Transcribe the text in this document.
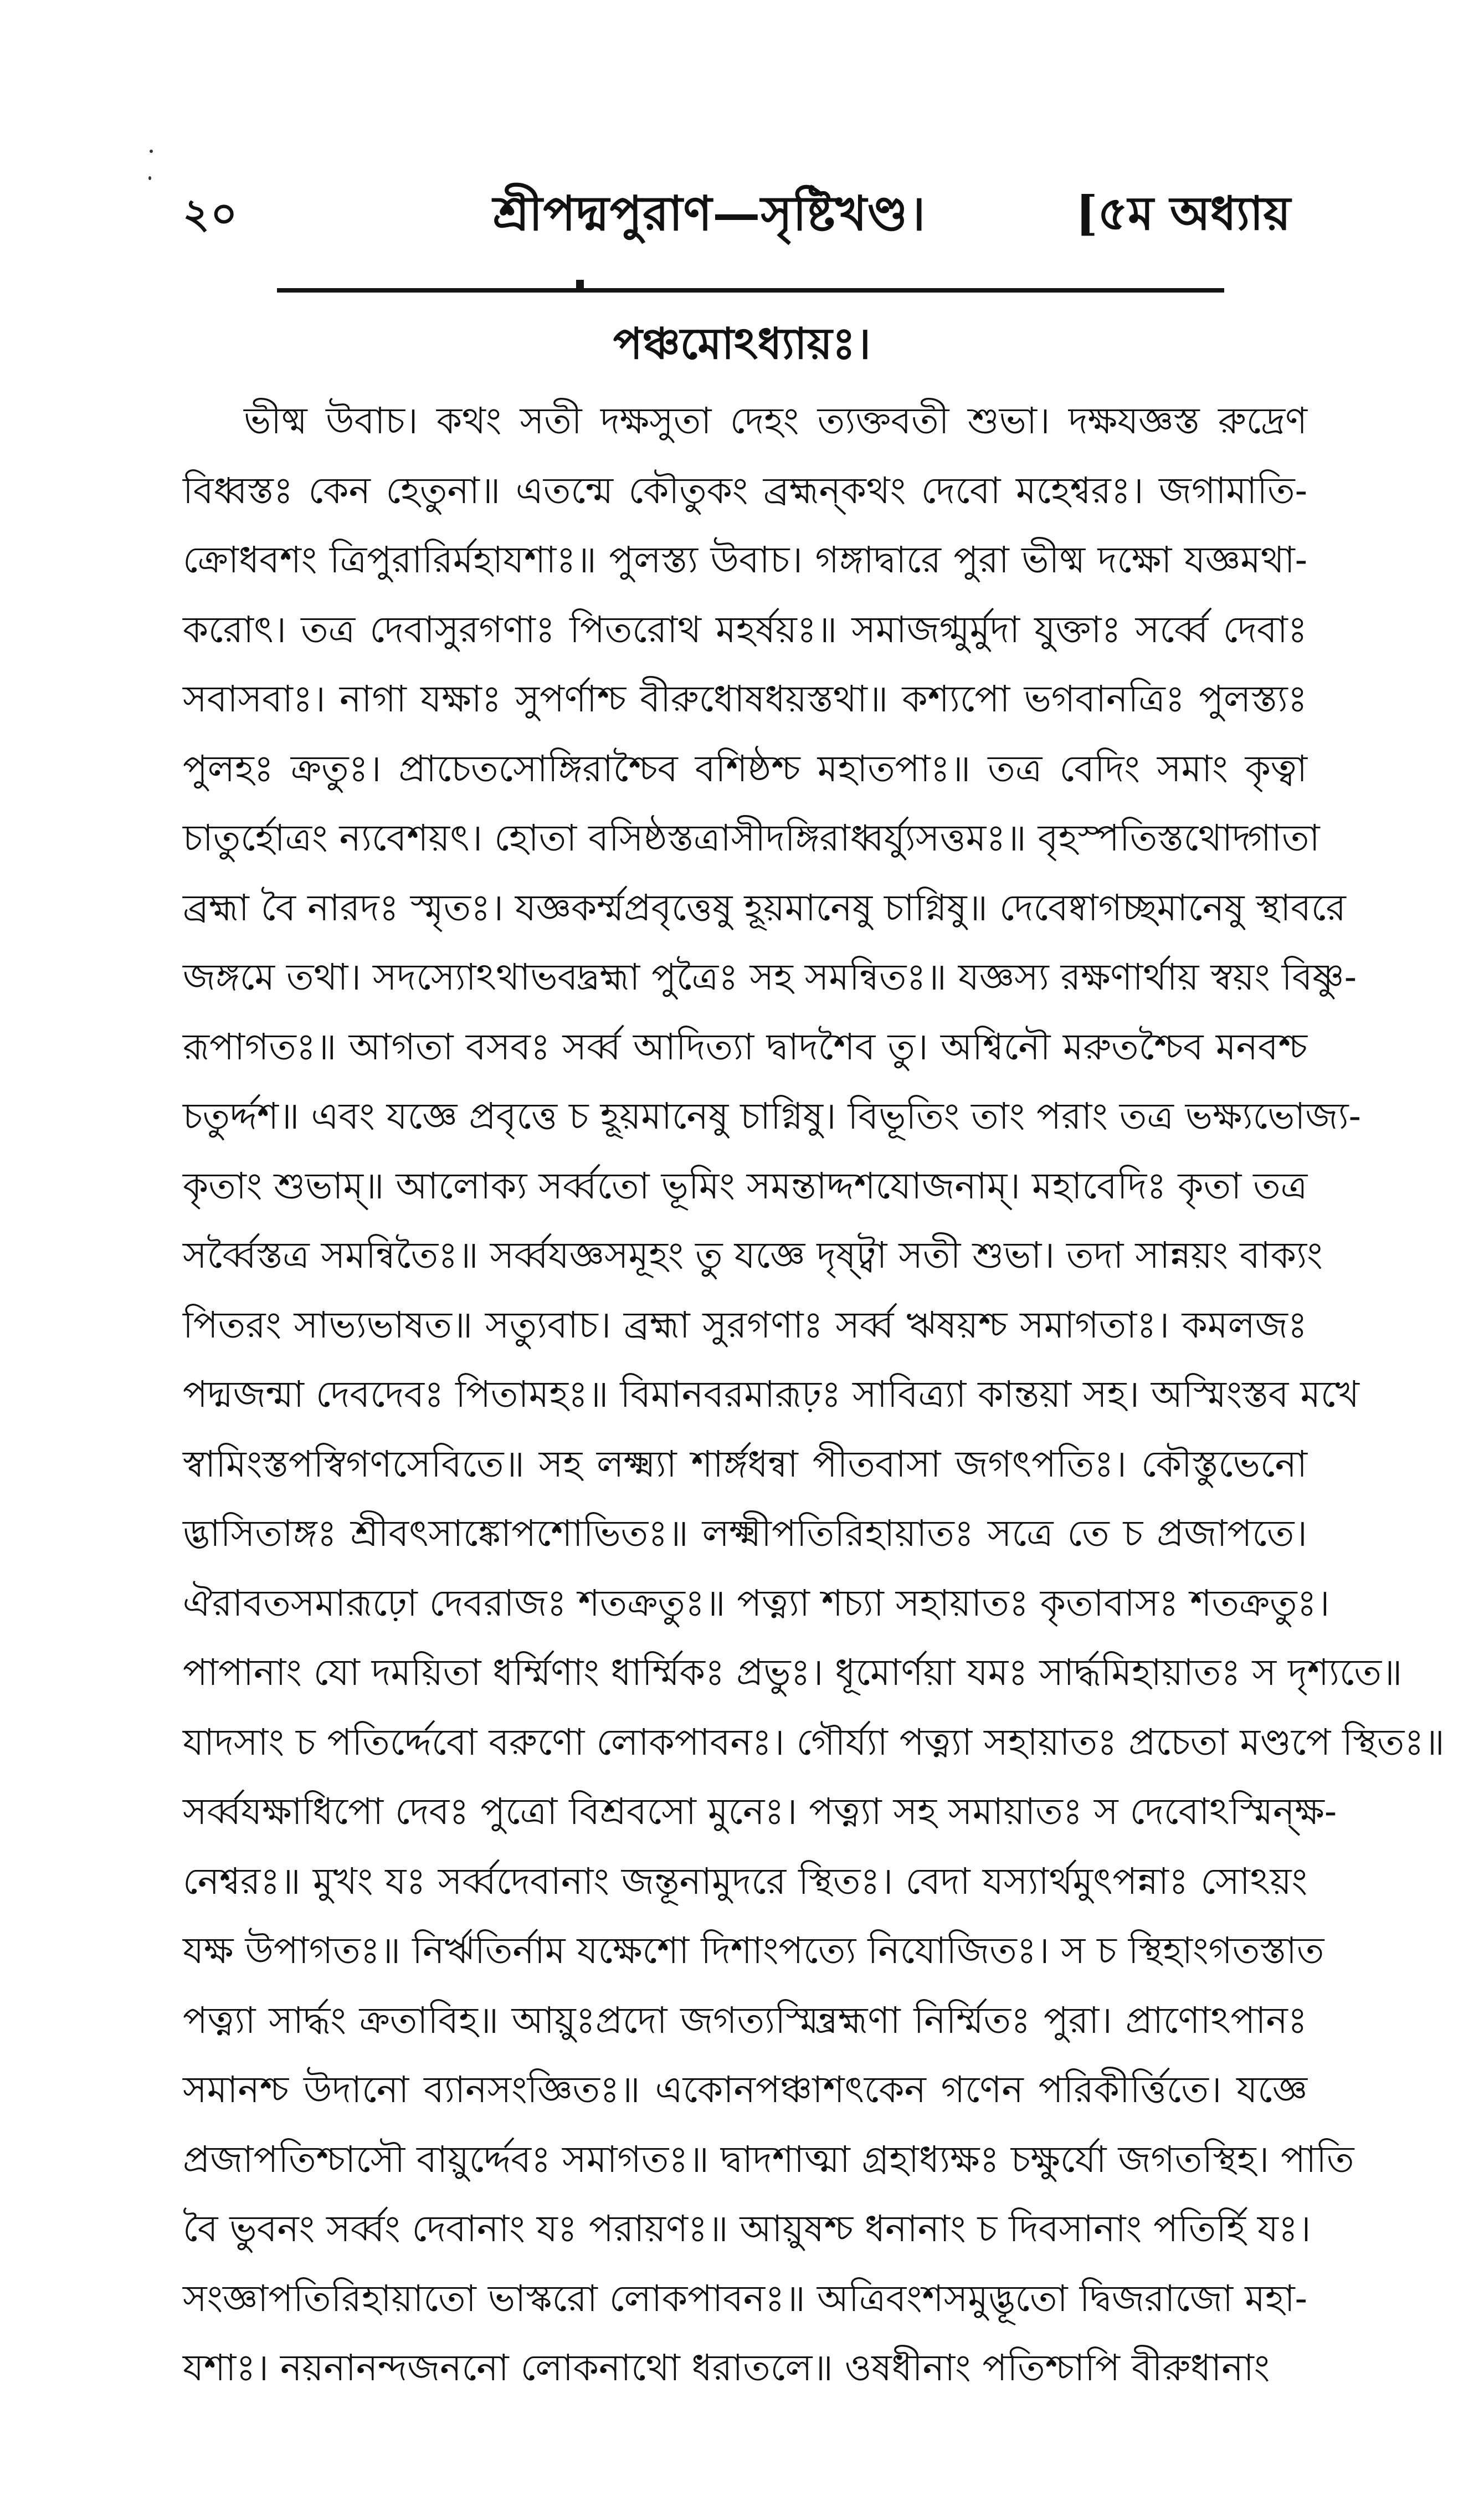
২০	শ্রীপদ্মপুরাণ—সৃষ্টিখণ্ড।	[৫ম অধ্যায়
পঞ্চমোঽধ্যায়ঃ।
ভীষ্ম উবাচ। কথং সতী দক্ষসুতা দেহং ত্যক্তবতী শুভা। দক্ষযজ্ঞস্ত রুদ্রেণ
বিধ্বস্তঃ কেন হেতুনা॥ এতন্মে কৌতুকং ব্রহ্মন্কথং দেবো মহেশ্বরঃ। জগামাতি-
ক্রোধবশং ত্রিপুরারির্মহাযশাঃ॥ পুলস্ত্য উবাচ। গঙ্গাদ্বারে পুরা ভীষ্ম দক্ষো যজ্ঞমথা-
করোৎ। তত্র দেবাসুরগণাঃ পিতরোথ মহর্ষয়ঃ॥ সমাজগ্মুর্মুদা যুক্তাঃ সর্ব্বে দেবাঃ
সবাসবাঃ। নাগা যক্ষাঃ সুপর্ণাশ্চ বীরুধোষধয়স্তথা॥ কশ্যপো ভগবানত্রিঃ পুলস্ত্যঃ
পুলহঃ ক্রতুঃ। প্রাচেতসোঙ্গিরাশ্চৈব বশিষ্ঠশ্চ মহাতপাঃ॥ তত্র বেদিং সমাং কৃত্বা
চাতুর্হোত্রং ন্যবেশয়ৎ। হোতা বসিষ্ঠস্তত্রাসীদঙ্গিরাধ্বর্য্যুসত্তমঃ॥ বৃহস্পতিস্তথোদ্গাতা
ব্রহ্মা বৈ নারদঃ স্মৃতঃ। যজ্ঞকর্ম্মপ্রবৃত্তেষু হূয়মানেষু চাগ্নিষু॥ দেবেষ্বাগচ্ছমানেষু স্থাবরে
জঙ্গমে তথা। সদস্যোঽথাভবদ্ব্রহ্মা পুত্রৈঃ সহ সমন্বিতঃ॥ যজ্ঞস্য রক্ষণার্থায় স্বয়ং বিষ্ণু-
রূপাগতঃ॥ আগতা বসবঃ সর্ব্ব আদিত্যা দ্বাদশৈব তু। অশ্বিনৌ মরুতশ্চৈব মনবশ্চ
চতুর্দ্দশ॥ এবং যজ্ঞে প্রবৃত্তে চ হূয়মানেষু চাগ্নিষু। বিভূতিং তাং পরাং তত্র ভক্ষ্যভোজ্য-
কৃতাং শুভাম্॥ আলোক্য সর্ব্বতো ভূমিং সমন্তাদ্দশযোজনাম্। মহাবেদিঃ কৃতা তত্র
সর্ব্বৈস্তত্র সমন্বিতৈঃ॥ সর্ব্বযজ্ঞসমূহং তু যজ্ঞে দৃষ্ট্বা সতী শুভা। তদা সান্নয়ং বাক্যং
পিতরং সাভ্যভাষত॥ সত্যুবাচ। ব্রহ্মা সুরগণাঃ সর্ব্ব ঋষয়শ্চ সমাগতাঃ। কমলজঃ
পদ্মজন্মা দেবদেবঃ পিতামহঃ॥ বিমানবরমারূঢ়ঃ সাবিত্র্যা কান্তয়া সহ। অস্মিংস্তব মখে
স্বামিংস্তপস্বিগণসেবিতে॥ সহ লক্ষ্ম্যা শার্ঙ্গধন্বা পীতবাসা জগৎপতিঃ। কৌস্তুভেনো
দ্ভাসিতাঙ্গঃ শ্রীবৎসাঙ্কোপশোভিতঃ॥ লক্ষ্মীপতিরিহায়াতঃ সত্রে তে চ প্রজাপতে।
ঐরাবতসমারূঢ়ো দেবরাজঃ শতক্রতুঃ॥ পত্ন্যা শচ্যা সহায়াতঃ কৃতাবাসঃ শতক্রতুঃ।
পাপানাং যো দময়িতা ধর্ম্মিণাং ধার্ম্মিকঃ প্রভুঃ। ধূমোর্ণয়া যমঃ সার্দ্ধমিহায়াতঃ স দৃশ্যতে॥
যাদসাং চ পতির্দ্দেবো বরুণো লোকপাবনঃ। গৌর্য্যা পত্ন্যা সহায়াতঃ প্রচেতা মণ্ডপে স্থিতঃ॥
সর্ব্বযক্ষাধিপো দেবঃ পুত্রো বিশ্রবসো মুনেঃ। পত্ন্যা সহ সমায়াতঃ স দেবোঽস্মিন্ক্ষ-
নেশ্বরঃ॥ মুখং যঃ সর্ব্বদেবানাং জন্তূনামুদরে স্থিতঃ। বেদা যস্যার্থমুৎপন্নাঃ সোঽয়ং
যক্ষ উপাগতঃ॥ নির্ঋতির্নাম যক্ষেশো দিশাংপত্যে নিযোজিতঃ। স চ স্থিহাংগতস্তাত
পত্ন্যা সার্দ্ধং ক্রতাবিহ॥ আয়ুঃপ্রদো জগত্যস্মিন্ব্রহ্মণা নির্ম্মিতঃ পুরা। প্রাণোঽপানঃ
সমানশ্চ উদানো ব্যানসংজ্ঞিতঃ॥ একোনপঞ্চাশৎকেন গণেন পরিকীর্ত্তিতে। যজ্ঞে
প্রজাপতিশ্চাসৌ বায়ুর্দ্দেবঃ সমাগতঃ॥ দ্বাদশাত্মা গ্রহাধ্যক্ষঃ চক্ষুর্যো জগতস্থিহ। পাতি
বৈ ভুবনং সর্ব্বং দেবানাং যঃ পরায়ণঃ॥ আয়ুষশ্চ ধনানাং চ দিবসানাং পতির্হি যঃ।
সংজ্ঞাপতিরিহায়াতো ভাস্করো লোকপাবনঃ॥ অত্রিবংশসমুদ্ভূতো দ্বিজরাজো মহা-
যশাঃ। নয়নানন্দজননো লোকনাথো ধরাতলে॥ ওষধীনাং পতিশ্চাপি বীরুধানাং
